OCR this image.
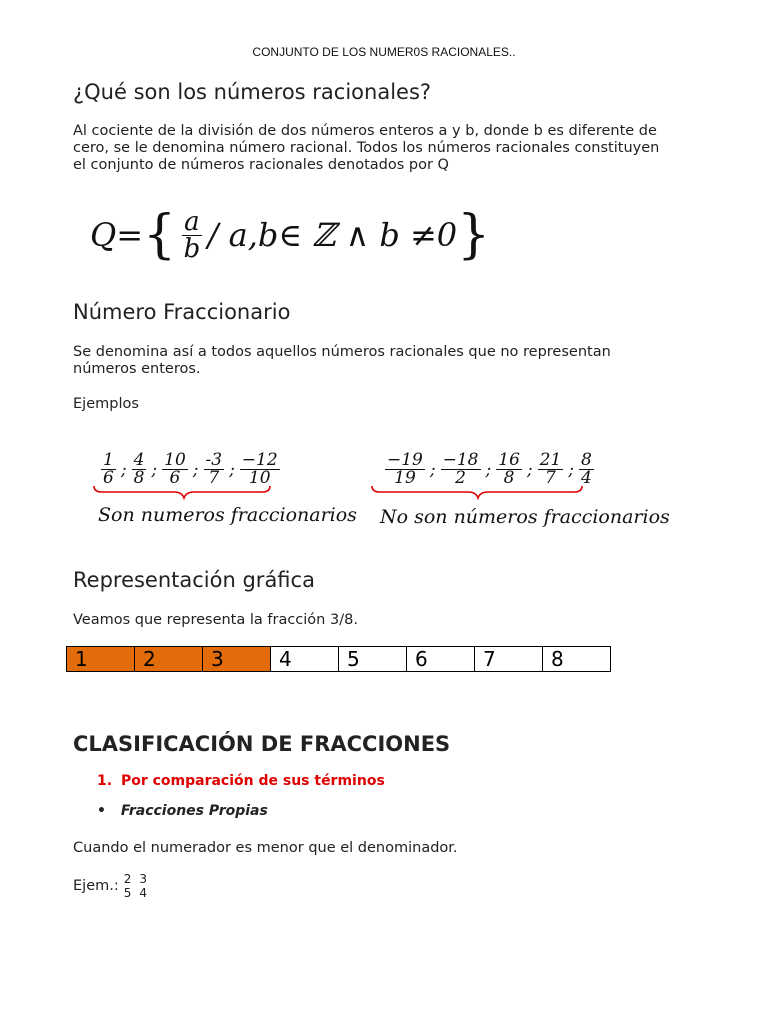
CONJUNTO DE LOS NUMER0S RACIONALES..
¿Qué son los números racionales?
Al cociente de la división de dos números enteros a y b, donde b es diferente de
cero, se le denomina número racional. Todos los números racionales constituyen
el conjunto de números racionales denotados por Q
Q= { $\frac{a}{b}$ / a,b∈ ℤ ∧ b ≠0 }
Número Fraccionario
Se denomina así a todos aquellos números racionales que no representan
números enteros.
Ejemplos
$\frac{1}{6}$ ; $\frac{4}{8}$ ; $\frac{10}{6}$ ; $\frac{-3}{7}$ ; $\frac{-12}{10}$
Son numeros fraccionarios
$\frac{-19}{19}$ ; $\frac{-18}{2}$ ; $\frac{16}{8}$ ; $\frac{21}{7}$ ; $\frac{8}{4}$
No son números fraccionarios
Representación gráfica
Veamos que representa la fracción 3/8.
1	2	3	4	5	6	7	8
CLASIFICACIÓN DE FRACCIONES
1. Por comparación de sus términos
• Fracciones Propias
Cuando el numerador es menor que el denominador.
Ejem.: 2
5
3
4
